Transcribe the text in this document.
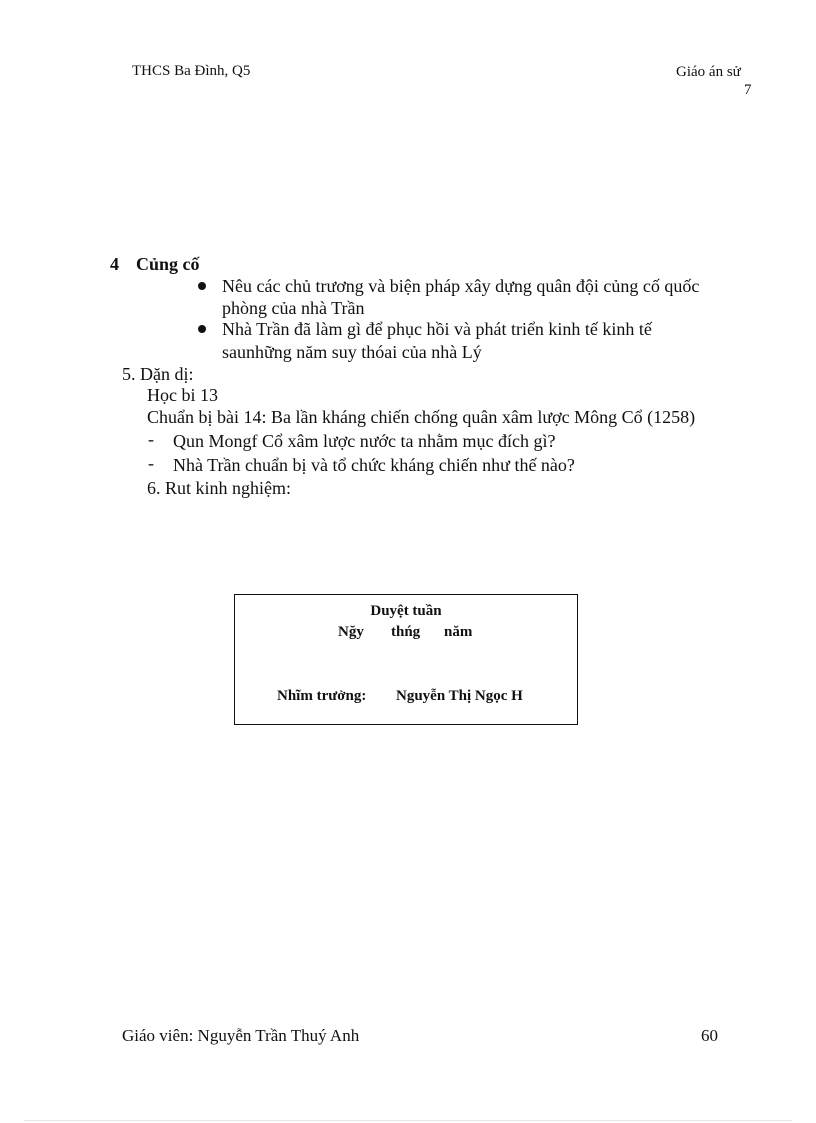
THCS Ba Đình, Q5	Giáo án sử
7
4 Củng cố
Nêu các chủ trương và biện pháp xây dựng quân đội củng cố quốc
phòng của nhà Trần
Nhà Trần đã làm gì để phục hồi và phát triển kinh tế kinh tế
saunhững năm suy thóai của nhà Lý
5. Dặn dị:
Học bi 13
Chuẩn bị bài 14: Ba lần kháng chiến chống quân xâm lược Mông Cổ (1258)
- Qun Mongf Cổ xâm lược nước ta nhằm mục đích gì?
- Nhà Trần chuẩn bị và tổ chức kháng chiến như thế nào?
6. Rut kinh nghiệm:
Duyệt tuần
Nğy thńg năm
Nhĩm trưởng: Nguyễn Thị Ngọc H
Giáo viên: Nguyễn Trần Thuý Anh	60
